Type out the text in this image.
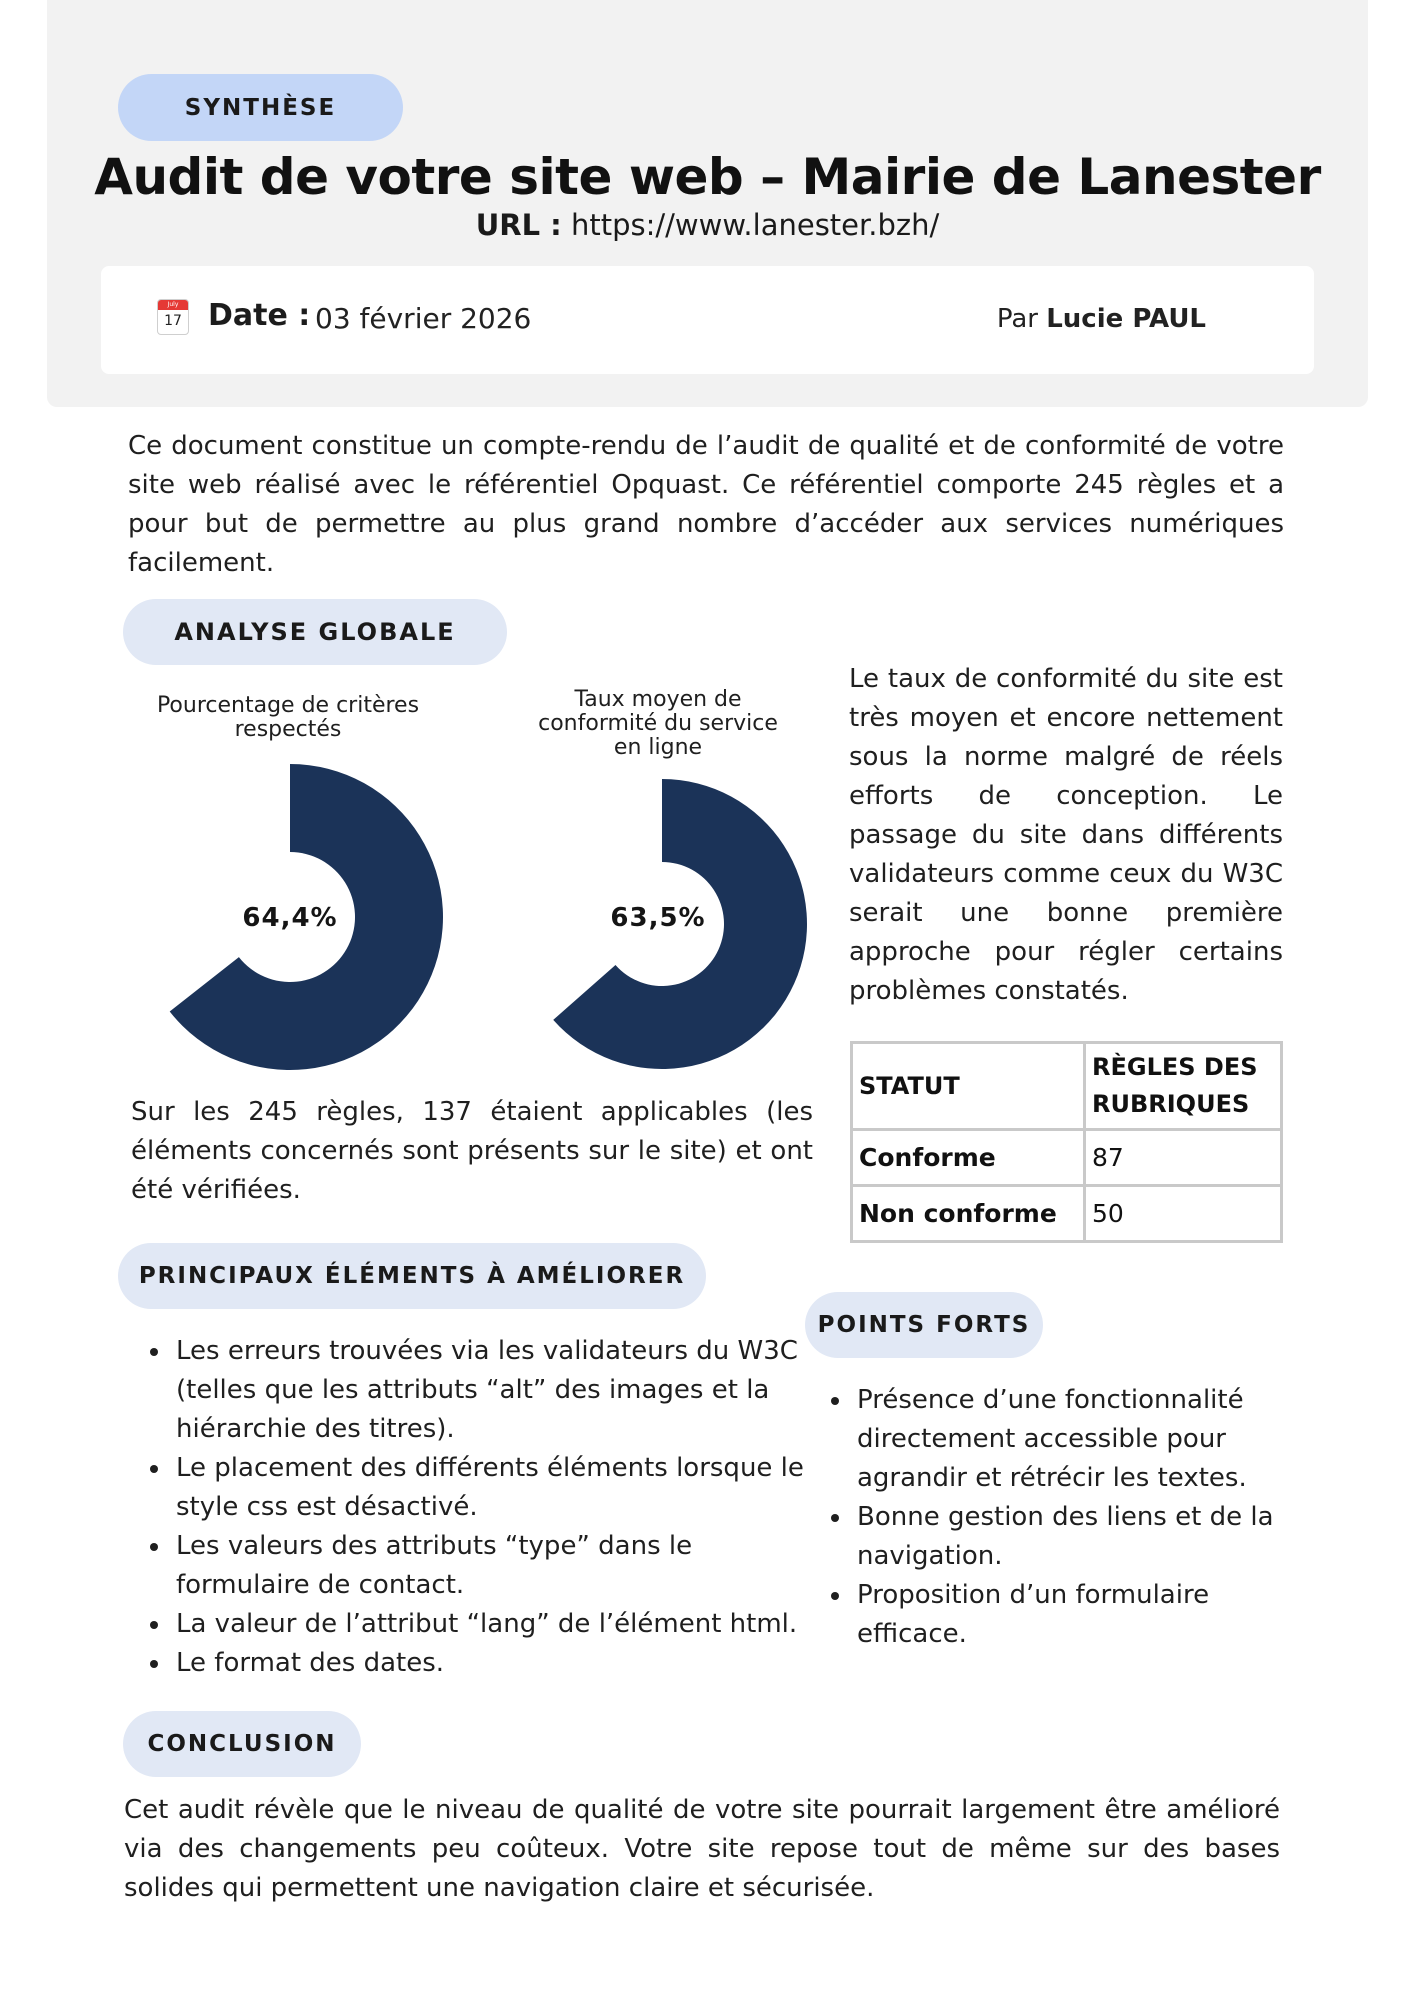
SYNTHÈSE
Audit de votre site web – Mairie de Lanester
URL : https://www.lanester.bzh/
July
17 Date : 03 février 2026	Par Lucie PAUL

Ce document constitue un compte-rendu de l’audit de qualité et de conformité de votre site web réalisé avec le référentiel Opquast. Ce référentiel comporte 245 règles et a pour but de permettre au plus grand nombre d’accéder aux services numériques facilement.

ANALYSE GLOBALE
Pourcentage de critères respectés
64,4%
Taux moyen de conformité du service en ligne
63,5%

Le taux de conformité du site est très moyen et encore nettement sous la norme malgré de réels efforts de conception. Le passage du site dans différents validateurs comme ceux du W3C serait une bonne première approche pour régler certains problèmes constatés.

STATUT	RÈGLES DES RUBRIQUES
Conforme	87
Non conforme	50

Sur les 245 règles, 137 étaient applicables (les éléments concernés sont présents sur le site) et ont été vérifiées.

PRINCIPAUX ÉLÉMENTS À AMÉLIORER
• Les erreurs trouvées via les validateurs du W3C (telles que les attributs “alt” des images et la hiérarchie des titres).
• Le placement des différents éléments lorsque le style css est désactivé.
• Les valeurs des attributs “type” dans le formulaire de contact.
• La valeur de l’attribut “lang” de l’élément html.
• Le format des dates.
POINTS FORTS
• Présence d’une fonctionnalité directement accessible pour agrandir et rétrécir les textes.
• Bonne gestion des liens et de la navigation.
• Proposition d’un formulaire efficace.
CONCLUSION

Cet audit révèle que le niveau de qualité de votre site pourrait largement être amélioré via des changements peu coûteux. Votre site repose tout de même sur des bases solides qui permettent une navigation claire et sécurisée.
